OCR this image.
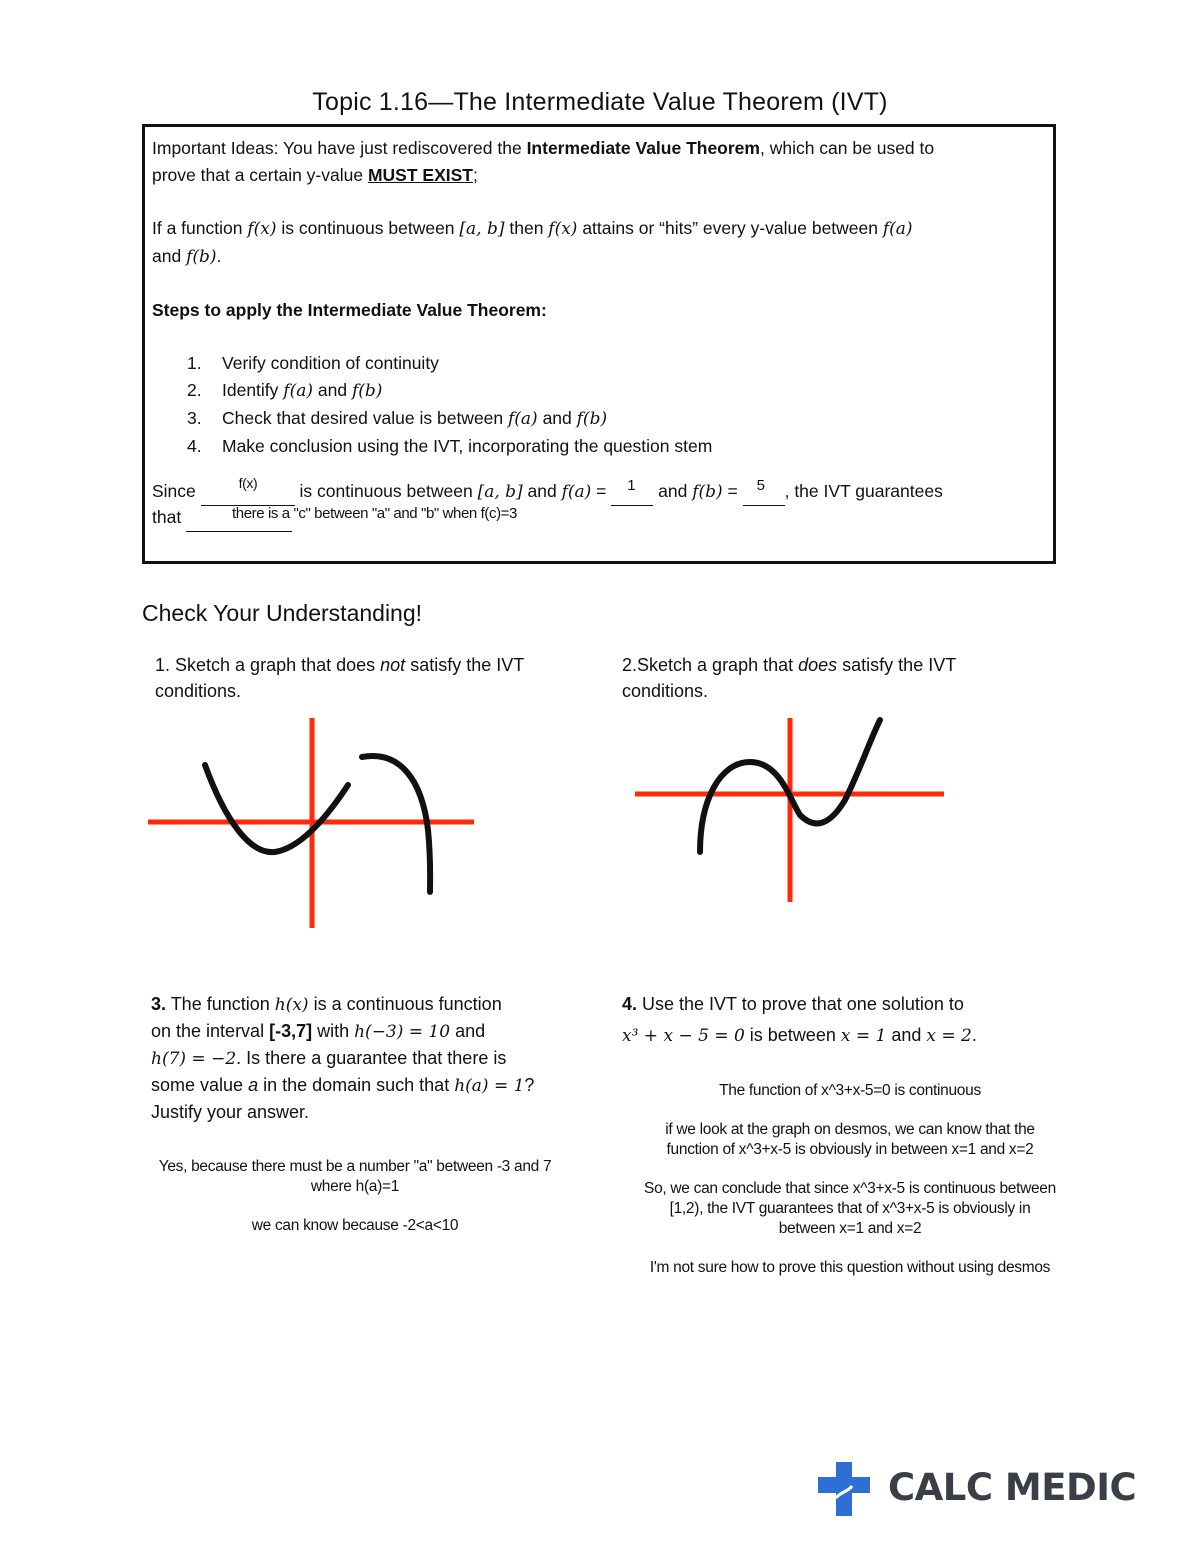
Topic 1.16—The Intermediate Value Theorem (IVT)
Important Ideas: You have just rediscovered the Intermediate Value Theorem, which can be used to
prove that a certain y-value MUST EXIST;
If a function f(x) is continuous between [a, b] then f(x) attains or “hits” every y-value between f(a)
and f(b).
Steps to apply the Intermediate Value Theorem:
1. Verify condition of continuity
2. Identify f(a) and f(b)
3. Check that desired value is between f(a) and f(b)
4. Make conclusion using the IVT, incorporating the question stem
Since	f(x) is continuous between [a, b] and f(a) = 1 and f(b) = 5 , the IVT guarantees
that	there is a "c" between "a" and "b" when f(c)=3
Check Your Understanding!
1. Sketch a graph that does not satisfy the IVT
conditions.
2.Sketch a graph that does satisfy the IVT
conditions.
3. The function h(x) is a continuous function
on the interval [-3,7] with h(−3) = 10 and
h(7) = −2. Is there a guarantee that there is
some value a in the domain such that h(a) = 1?
Justify your answer.
4. Use the IVT to prove that one solution to
x³ + x − 5 = 0 is between x = 1 and x = 2.
Yes, because there must be a number "a" between -3 and 7
where h(a)=1
we can know because -2<a<10
The function of x^3+x-5=0 is continuous
if we look at the graph on desmos, we can know that the
function of x^3+x-5 is obviously in between x=1 and x=2
So, we can conclude that since x^3+x-5 is continuous between
[1,2), the IVT guarantees that of x^3+x-5 is obviously in
between x=1 and x=2
I'm not sure how to prove this question without using desmos
CALC MEDIC
